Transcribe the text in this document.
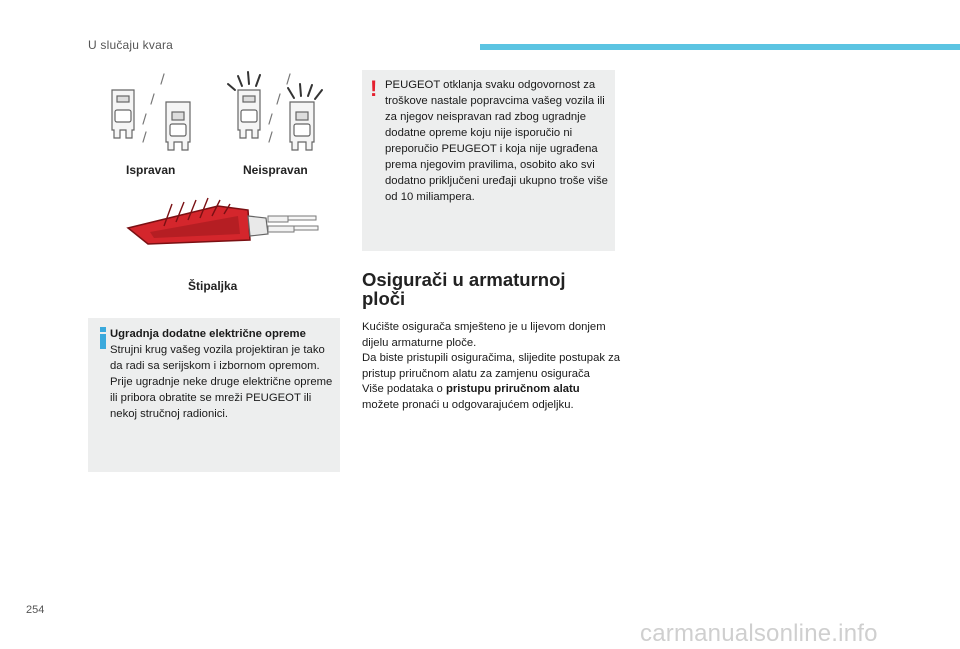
U slučaju kvara
Ispravan	Neispravan
Štipaljka
Ugradnja dodatne električne opreme
Strujni krug vašeg vozila projektiran je tako da radi sa serijskom i izbornom opremom.
Prije ugradnje neke druge električne opreme ili pribora obratite se mreži PEUGEOT ili nekoj stručnoj radionici.
! PEUGEOT otklanja svaku odgovornost za troškove nastale popravcima vašeg vozila ili za njegov neispravan rad zbog ugradnje dodatne opreme koju nije isporučio ni preporučio PEUGEOT i koja nije ugrađena prema njegovim pravilima, osobito ako svi dodatno priključeni uređaji ukupno troše više od 10 miliampera.
Osigurači u armaturnoj
ploči
Kućište osigurača smješteno je u lijevom donjem dijelu armaturne ploče.
Da biste pristupili osiguračima, slijedite postupak za pristup priručnom alatu za zamjenu osigurača
Više podataka o pristupu priručnom alatu
možete pronaći u odgovarajućem odjeljku.
254
carmanualsonline.info
